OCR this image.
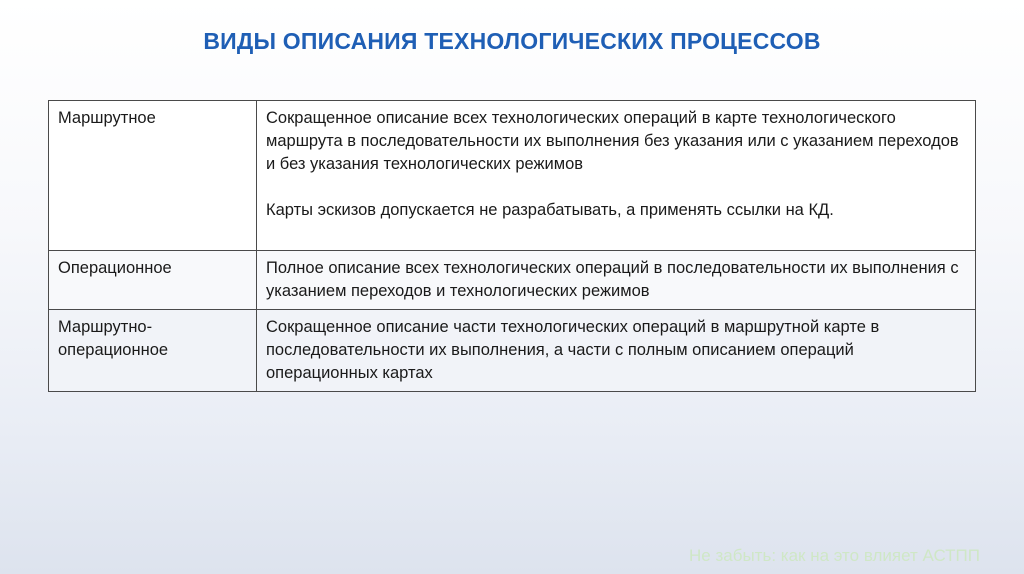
ВИДЫ ОПИСАНИЯ ТЕХНОЛОГИЧЕСКИХ ПРОЦЕССОВ
Маршрутное	Сокращенное описание всех технологических операций в карте технологического маршрута в последовательности их выполнения без указания или с указанием переходов и без указания технологических режимов

Карты эскизов допускается не разрабатывать, а применять ссылки на КД.

Операционное	Полное описание всех технологических операций в последовательности их выполнения с указанием переходов и технологических режимов

Маршрутно-операционное	Сокращенное описание части технологических операций в маршрутной карте в последовательности их выполнения, а части с полным описанием операций операционных картах

Не забыть: как на это влияет АСТПП
